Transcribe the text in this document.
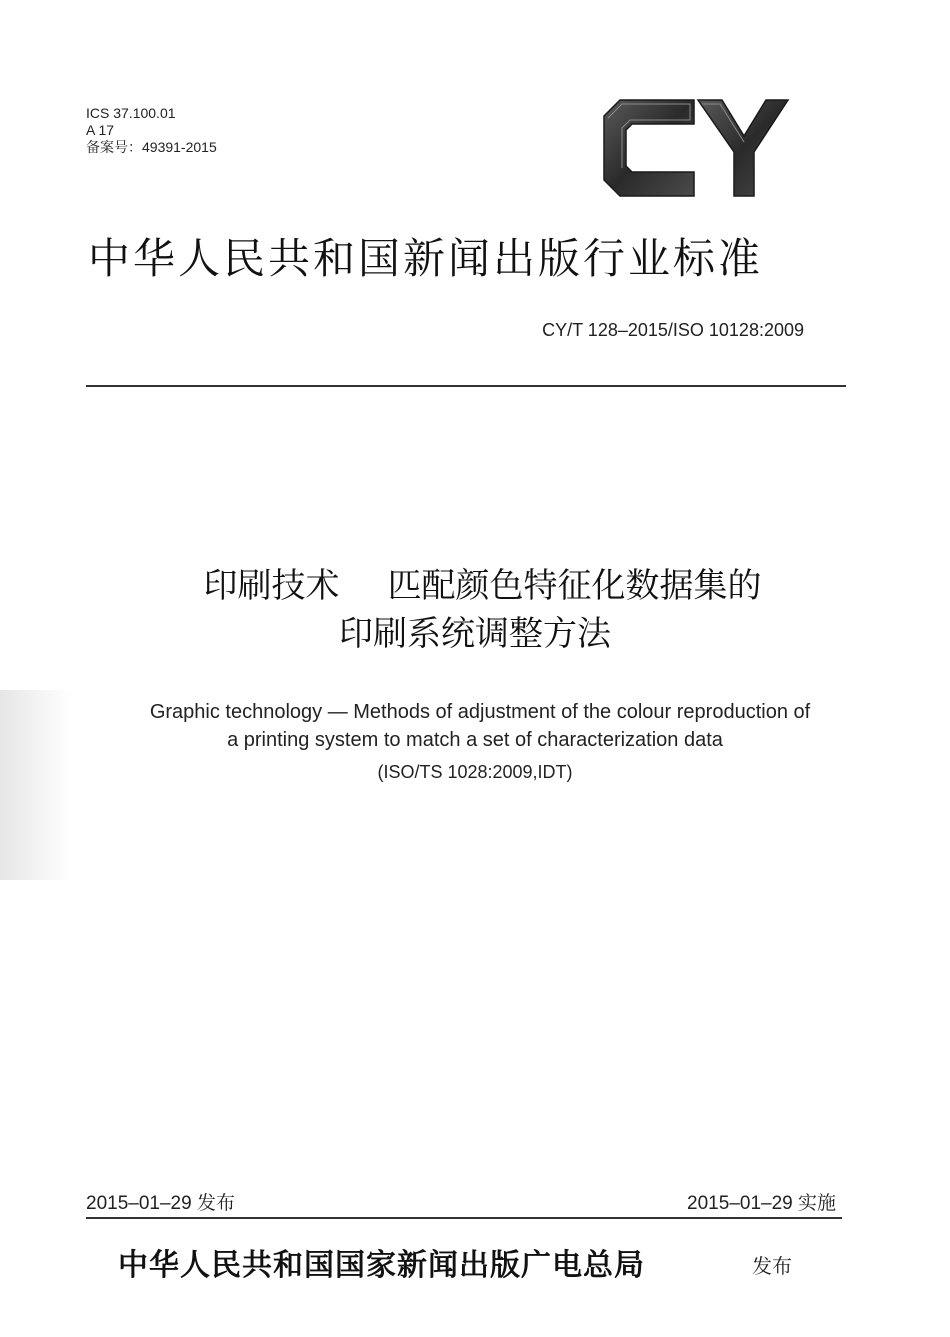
ICS 37.100.01
A 17
备案号：49391-2015
中华人民共和国新闻出版行业标准
CY/T 128–2015/ISO 10128:2009
印刷技术 匹配颜色特征化数据集的
印刷系统调整方法
Graphic technology — Methods of adjustment of the colour reproduction of
a printing system to match a set of characterization data
(ISO/TS 1028:2009,IDT)
2015–01–29 发布	2015–01–29 实施
中华人民共和国国家新闻出版广电总局	发布
